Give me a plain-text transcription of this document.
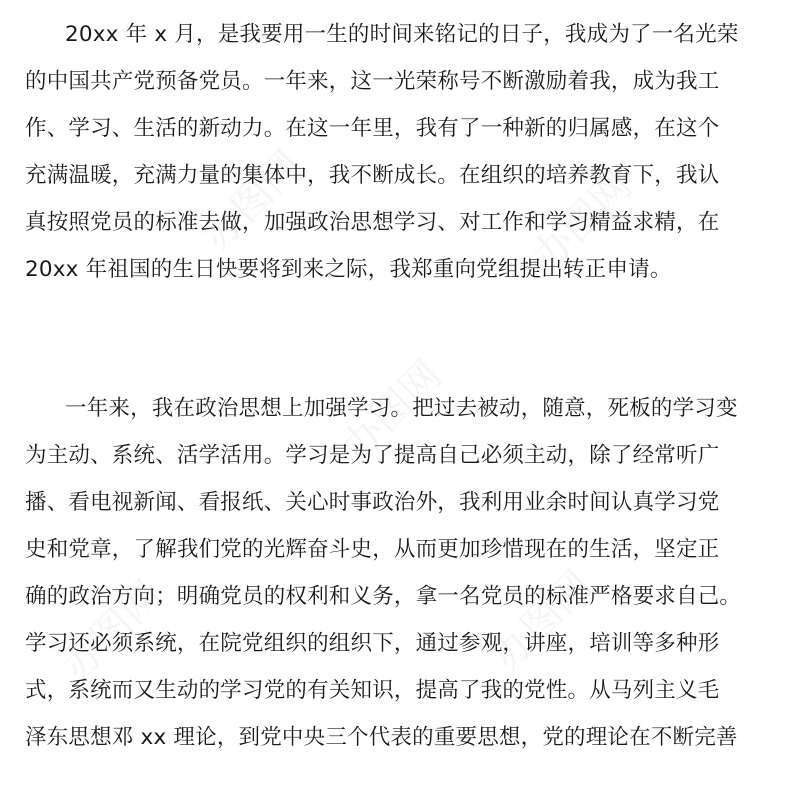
办图网	办图网
办图网
办图网	办图网
20xx 年 x 月，是我要用一生的时间来铭记的日子，我成为了一名光荣
的中国共产党预备党员。一年来，这一光荣称号不断激励着我，成为我工
作、学习、生活的新动力。在这一年里，我有了一种新的归属感，在这个
充满温暖，充满力量的集体中，我不断成长。在组织的培养教育下，我认
真按照党员的标准去做，加强政治思想学习、对工作和学习精益求精，在
20xx 年祖国的生日快要将到来之际，我郑重向党组提出转正申请。
一年来，我在政治思想上加强学习。把过去被动，随意，死板的学习变
为主动、系统、活学活用。学习是为了提高自己必须主动，除了经常听广
播、看电视新闻、看报纸、关心时事政治外，我利用业余时间认真学习党
史和党章，了解我们党的光辉奋斗史，从而更加珍惜现在的生活，坚定正
确的政治方向；明确党员的权利和义务，拿一名党员的标准严格要求自己。
学习还必须系统，在院党组织的组织下，通过参观，讲座，培训等多种形
式，系统而又生动的学习党的有关知识，提高了我的党性。从马列主义毛
泽东思想邓 xx 理论，到党中央三个代表的重要思想，党的理论在不断完善
